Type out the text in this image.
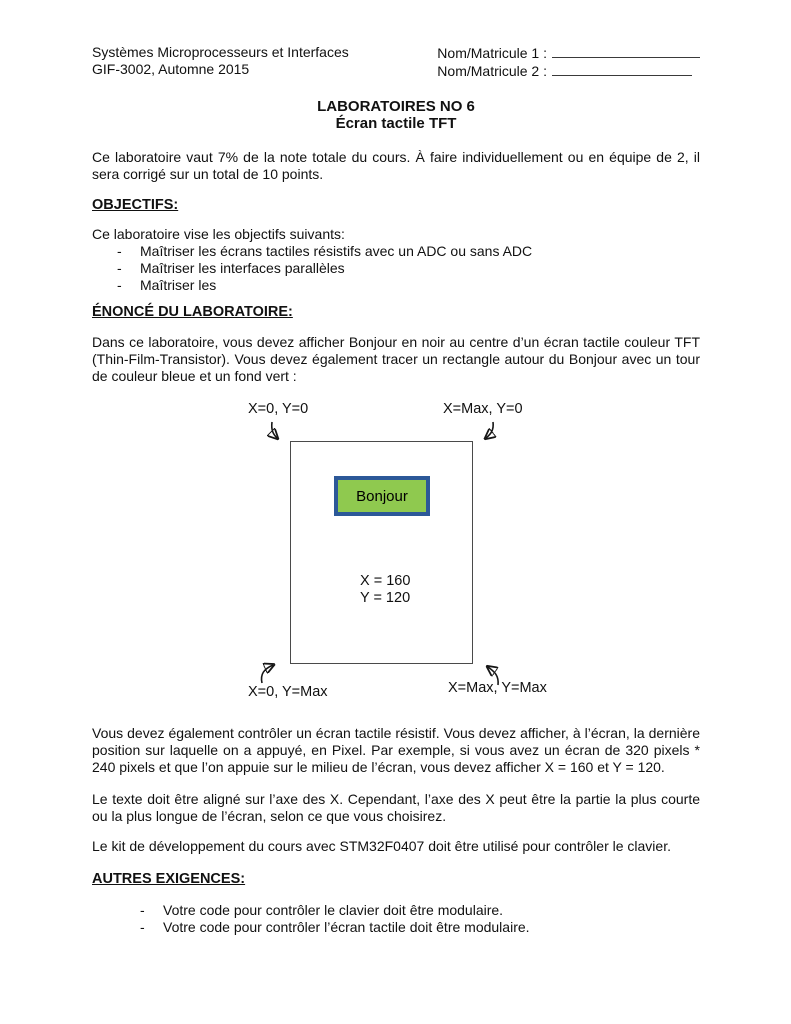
Systèmes Microprocesseurs et Interfaces
GIF-3002, Automne 2015
Nom/Matricule 1 :
Nom/Matricule 2 :
LABORATOIRES NO 6
Écran tactile TFT

Ce laboratoire vaut 7% de la note totale du cours. À faire individuellement ou en équipe de 2, il sera corrigé sur un total de 10 points.

OBJECTIFS:
Ce laboratoire vise les objectifs suivants:
- Maîtriser les écrans tactiles résistifs avec un ADC ou sans ADC
- Maîtriser les interfaces parallèles
- Maîtriser les
ÉNONCÉ DU LABORATOIRE:

Dans ce laboratoire, vous devez afficher Bonjour en noir au centre d’un écran tactile couleur TFT (Thin-Film-Transistor). Vous devez également tracer un rectangle autour du Bonjour avec un tour de couleur bleue et un fond vert :

X=0, Y=0	X=Max, Y=0
X=0, Y=Max	X=Max, Y=Max
Bonjour
X = 160
Y = 120

Vous devez également contrôler un écran tactile résistif. Vous devez afficher, à l’écran, la dernière position sur laquelle on a appuyé, en Pixel. Par exemple, si vous avez un écran de 320 pixels * 240 pixels et que l’on appuie sur le milieu de l’écran, vous devez afficher X = 160 et Y = 120.

Le texte doit être aligné sur l’axe des X. Cependant, l’axe des X peut être la partie la plus courte ou la plus longue de l’écran, selon ce que vous choisirez.

Le kit de développement du cours avec STM32F0407 doit être utilisé pour contrôler le clavier.

AUTRES EXIGENCES:
- Votre code pour contrôler le clavier doit être modulaire.
- Votre code pour contrôler l’écran tactile doit être modulaire.
